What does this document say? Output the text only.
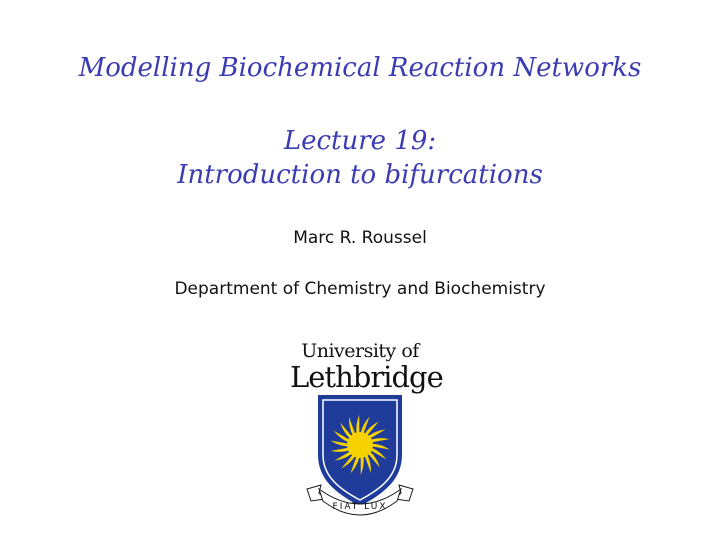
Modelling Biochemical Reaction Networks
Lecture 19:
Introduction to bifurcations
Marc R. Roussel
Department of Chemistry and Biochemistry
University of
Lethbridge
FIAT LUX
